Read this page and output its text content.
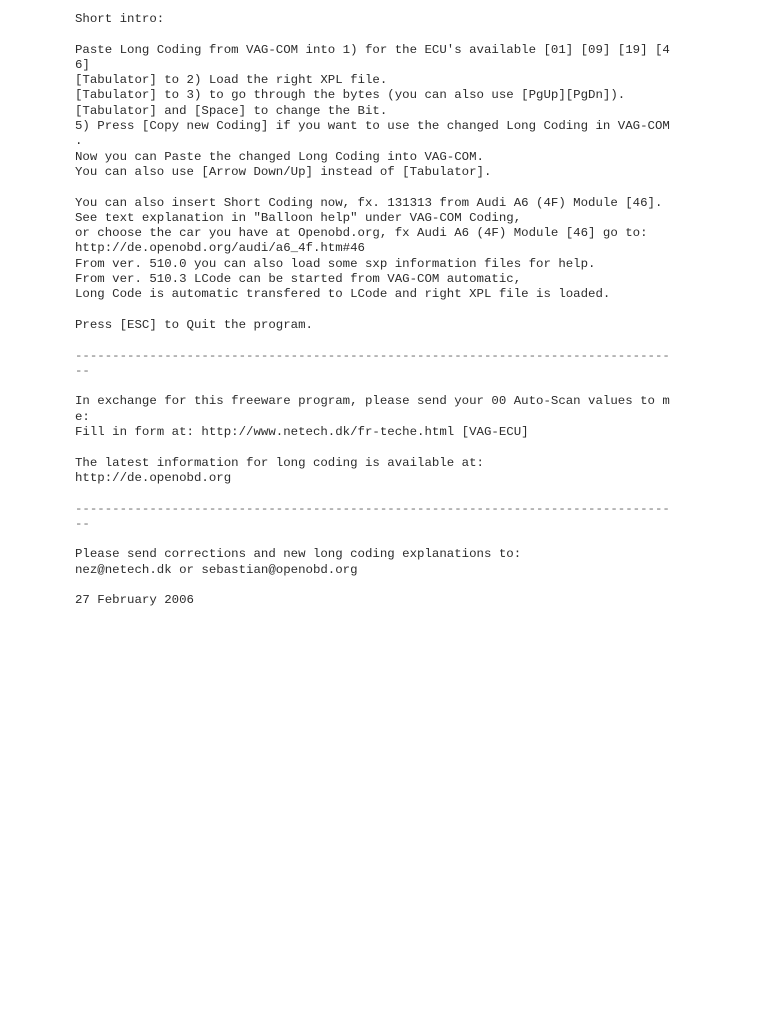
Short intro:
Paste Long Coding from VAG-COM into 1) for the ECU's available [01] [09] [19] [4
6]
[Tabulator] to 2) Load the right XPL file.
[Tabulator] to 3) to go through the bytes (you can also use [PgUp][PgDn]).
[Tabulator] and [Space] to change the Bit.
5) Press [Copy new Coding] if you want to use the changed Long Coding in VAG-COM
.
Now you can Paste the changed Long Coding into VAG-COM.
You can also use [Arrow Down/Up] instead of [Tabulator].
You can also insert Short Coding now, fx. 131313 from Audi A6 (4F) Module [46].
See text explanation in "Balloon help" under VAG-COM Coding,
or choose the car you have at Openobd.org, fx Audi A6 (4F) Module [46] go to:
http://de.openobd.org/audi/a6_4f.htm#46
From ver. 510.0 you can also load some sxp information files for help.
From ver. 510.3 LCode can be started from VAG-COM automatic,
Long Code is automatic transfered to LCode and right XPL file is loaded.
Press [ESC] to Quit the program.
--------------------------------------------------------------------------------
--
In exchange for this freeware program, please send your 00 Auto-Scan values to m
e:
Fill in form at: http://www.netech.dk/fr-teche.html [VAG-ECU]
The latest information for long coding is available at:
http://de.openobd.org
--------------------------------------------------------------------------------
--
Please send corrections and new long coding explanations to:
nez@netech.dk or sebastian@openobd.org
27 February 2006
